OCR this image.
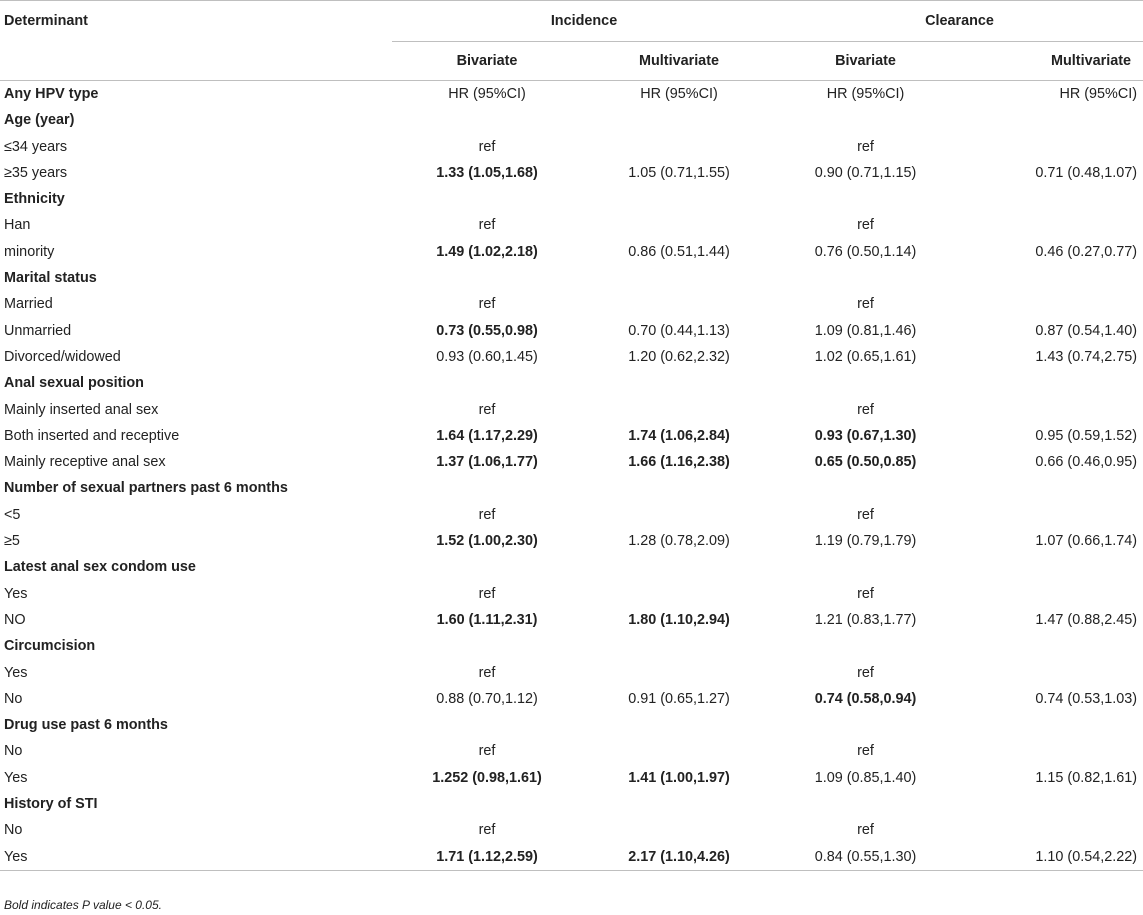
Determinant	Incidence		Clearance	
	Bivariate	Multivariate	Bivariate	Multivariate
Any HPV type	HR (95%CI)	HR (95%CI)	HR (95%CI)	HR (95%CI)
Age (year)				
≤34 years	ref		ref	
≥35 years	1.33 (1.05,1.68)	1.05 (0.71,1.55)	0.90 (0.71,1.15)	0.71 (0.48,1.07)
Ethnicity				
Han	ref		ref	
minority	1.49 (1.02,2.18)	0.86 (0.51,1.44)	0.76 (0.50,1.14)	0.46 (0.27,0.77)
Marital status				
Married	ref		ref	
Unmarried	0.73 (0.55,0.98)	0.70 (0.44,1.13)	1.09 (0.81,1.46)	0.87 (0.54,1.40)
Divorced/widowed	0.93 (0.60,1.45)	1.20 (0.62,2.32)	1.02 (0.65,1.61)	1.43 (0.74,2.75)
Anal sexual position				
Mainly inserted anal sex	ref		ref	
Both inserted and receptive	1.64 (1.17,2.29)	1.74 (1.06,2.84)	0.93 (0.67,1.30)	0.95 (0.59,1.52)
Mainly receptive anal sex	1.37 (1.06,1.77)	1.66 (1.16,2.38)	0.65 (0.50,0.85)	0.66 (0.46,0.95)
Number of sexual partners past 6 months				
<5	ref		ref	
≥5	1.52 (1.00,2.30)	1.28 (0.78,2.09)	1.19 (0.79,1.79)	1.07 (0.66,1.74)
Latest anal sex condom use				
Yes	ref		ref	
NO	1.60 (1.11,2.31)	1.80 (1.10,2.94)	1.21 (0.83,1.77)	1.47 (0.88,2.45)
Circumcision				
Yes	ref		ref	
No	0.88 (0.70,1.12)	0.91 (0.65,1.27)	0.74 (0.58,0.94)	0.74 (0.53,1.03)
Drug use past 6 months				
No	ref		ref	
Yes	1.252 (0.98,1.61)	1.41 (1.00,1.97)	1.09 (0.85,1.40)	1.15 (0.82,1.61)
History of STI				
No	ref		ref	
Yes	1.71 (1.12,2.59)	2.17 (1.10,4.26)	0.84 (0.55,1.30)	1.10 (0.54,2.22)
Bold indicates P value < 0.05.
